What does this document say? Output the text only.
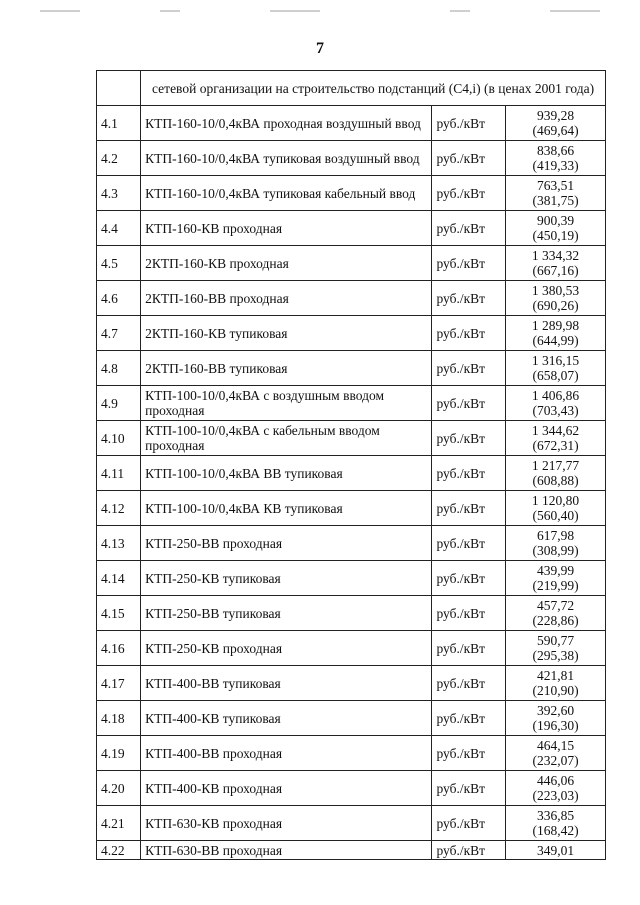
7
	сетевой организации на строительство подстанций (С4,i) (в ценах 2001 года)		
4.1	КТП-160-10/0,4кВА проходная воздушный ввод	руб./кВт	939,28
(469,64)

4.2	КТП-160-10/0,4кВА тупиковая воздушный ввод	руб./кВт	838,66
(419,33)

4.3	КТП-160-10/0,4кВА тупиковая кабельный ввод	руб./кВт	763,51
(381,75)

4.4	КТП-160-КВ проходная	руб./кВт	900,39
(450,19)

4.5	2КТП-160-КВ проходная	руб./кВт	1 334,32
(667,16)

4.6	2КТП-160-ВВ проходная	руб./кВт	1 380,53
(690,26)

4.7	2КТП-160-КВ тупиковая	руб./кВт	1 289,98
(644,99)

4.8	2КТП-160-ВВ тупиковая	руб./кВт	1 316,15
(658,07)

4.9	КТП-100-10/0,4кВА с воздушным вводом проходная	руб./кВт	1 406,86
(703,43)

4.10	КТП-100-10/0,4кВА с кабельным вводом проходная	руб./кВт	1 344,62
(672,31)

4.11	КТП-100-10/0,4кВА ВВ тупиковая	руб./кВт	1 217,77
(608,88)

4.12	КТП-100-10/0,4кВА КВ тупиковая	руб./кВт	1 120,80
(560,40)

4.13	КТП-250-ВВ проходная	руб./кВт	617,98
(308,99)

4.14	КТП-250-КВ тупиковая	руб./кВт	439,99
(219,99)

4.15	КТП-250-ВВ тупиковая	руб./кВт	457,72
(228,86)

4.16	КТП-250-КВ проходная	руб./кВт	590,77
(295,38)

4.17	КТП-400-ВВ тупиковая	руб./кВт	421,81
(210,90)

4.18	КТП-400-КВ тупиковая	руб./кВт	392,60
(196,30)

4.19	КТП-400-ВВ проходная	руб./кВт	464,15
(232,07)

4.20	КТП-400-КВ проходная	руб./кВт	446,06
(223,03)

4.21	КТП-630-КВ проходная	руб./кВт	336,85
(168,42)

4.22	КТП-630-ВВ проходная	руб./кВт	349,01
